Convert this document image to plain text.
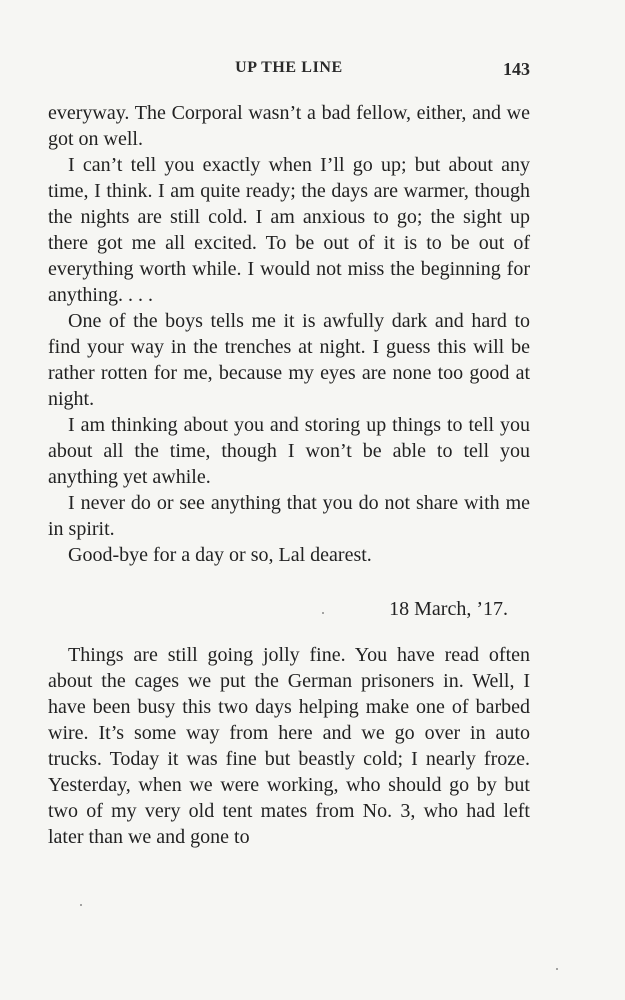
UP THE LINE	143

everyway. The Corporal wasn’t a bad fellow, either, and we got on well.

I can’t tell you exactly when I’ll go up; but about any time, I think. I am quite ready; the days are warmer, though the nights are still cold. I am anxious to go; the sight up there got me all excited. To be out of it is to be out of everything worth while. I would not miss the beginning for anything. . . .

One of the boys tells me it is awfully dark and hard to find your way in the trenches at night. I guess this will be rather rotten for me, because my eyes are none too good at night.

I am thinking about you and storing up things to tell you about all the time, though I won’t be able to tell you anything yet awhile.

I never do or see anything that you do not share with me in spirit.

Good-bye for a day or so, Lal dearest.

18 March, ’17.

Things are still going jolly fine. You have read often about the cages we put the German prisoners in. Well, I have been busy this two days helping make one of barbed wire. It’s some way from here and we go over in auto trucks. Today it was fine but beastly cold; I nearly froze. Yesterday, when we were working, who should go by but two of my very old tent mates from No. 3, who had left later than we and gone to
